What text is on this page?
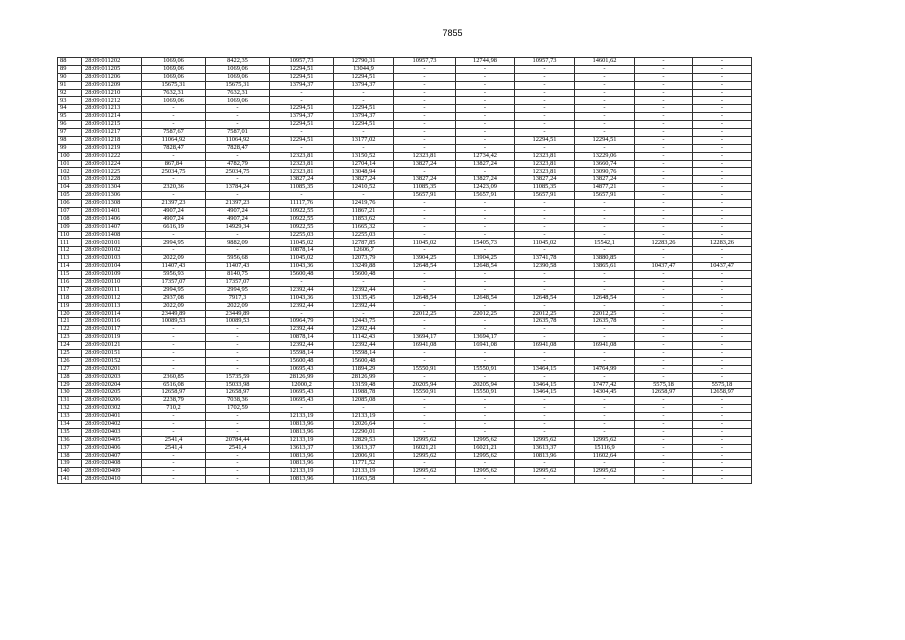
7855
88	28:09:011202	1069,06	8422,35	10957,73	12790,31	10957,73	12744,98	10957,73	14601,62	-	-
89	28:09:011205	1069,06	1069,06	12294,51	13044,9	-	-	-	-	-	-
90	28:09:011206	1069,06	1069,06	12294,51	12294,51	-	-	-	-	-	-
91	28:09:011209	15675,31	15675,31	13794,37	13794,37	-	-	-	-	-	-
92	28:09:011210	7632,31	7632,31	-	-	-	-	-	-	-	-
93	28:09:011212	1069,06	1069,06	-	-	-	-	-	-	-	-
94	28:09:011213	-	-	12294,51	12294,51	-	-	-	-	-	-
95	28:09:011214	-	-	13794,37	13794,37	-	-	-	-	-	-
96	28:09:011215	-	-	12294,51	12294,51	-	-	-	-	-	-
97	28:09:011217	7587,67	7587,01	-	-	-	-	-	-	-	-
98	28:09:011218	11064,92	11064,92	12294,51	13177,02	-	-	12294,51	12294,51	-	-
99	28:09:011219	7828,47	7828,47	-	-	-	-	-	-	-	-
100	28:09:011222	-	-	12323,81	13150,52	12323,81	12734,42	12323,81	13229,06	-	-
101	28:09:011224	867,84	4782,79	12323,81	12704,14	13827,24	13827,24	12323,81	13660,74	-	-
102	28:09:011225	25034,75	25034,75	12323,81	13048,94	-	-	12323,81	13090,76	-	-
103	28:09:011228	-	-	13827,24	13827,24	13827,24	13827,24	13827,24	13827,24	-	-
104	28:09:011304	2320,36	13784,24	11085,35	12410,52	11085,35	12423,09	11085,35	14877,21	-	-
105	28:09:011306	-	-	-	-	15657,91	15657,91	15657,91	15657,91	-	-
106	28:09:011308	21397,23	21397,23	11117,76	12419,76	-	-	-	-	-	-
107	28:09:011401	4907,24	4907,24	10922,55	11867,21	-	-	-	-	-	-
108	28:09:011406	4907,24	4907,24	10922,55	11853,62	-	-	-	-	-	-
109	28:09:011407	6616,19	14929,34	10922,55	11665,32	-	-	-	-	-	-
110	28:09:011408	-	-	12255,03	12255,03	-	-	-	-	-	-
111	28:09:020101	2994,95	9882,09	11045,02	12787,85	11045,02	15405,73	11045,02	15542,1	12283,26	12283,26
112	28:09:020102	-	-	10878,14	12606,7	-	-	-	-	-	-
113	28:09:020103	2022,09	5956,68	11045,02	12073,79	13904,25	13904,25	13741,78	13880,85	-	-
114	28:09:020104	11407,43	11407,43	11043,36	13249,88	12648,54	12648,54	12390,58	13865,61	10437,47	10437,47
115	28:09:020109	5956,93	8140,75	15600,48	15600,48	-	-	-	-	-	-
116	28:09:020110	17357,07	17357,07	-	-	-	-	-	-	-	-
117	28:09:020111	2994,95	2994,95	12392,44	12392,44	-	-	-	-	-	-
118	28:09:020112	2937,08	7917,3	11043,36	13135,45	12648,54	12648,54	12648,54	12648,54	-	-
119	28:09:020113	2022,09	2022,09	12392,44	12392,44	-	-	-	-	-	-
120	28:09:020114	23449,89	23449,89	-	-	22012,25	22012,25	22012,25	22012,25	-	-
121	28:09:020116	10089,53	10089,53	10964,79	12443,75	-	-	12635,78	12635,78	-	-
122	28:09:020117	-	-	12392,44	12392,44	-	-	-	-	-	-
123	28:09:020119	-	-	10878,14	11142,43	13694,17	13694,17	-	-	-	-
124	28:09:020121	-	-	12392,44	12392,44	16941,08	16941,08	16941,08	16941,08	-	-
125	28:09:020151	-	-	15598,14	15598,14	-	-	-	-	-	-
126	28:09:020152	-	-	15600,48	15600,48	-	-	-	-	-	-
127	28:09:020201	-	-	10695,43	11894,29	15550,91	15550,91	13464,15	14764,99	-	-
128	28:09:020203	2360,85	15735,59	28126,99	28126,99	-	-	-	-	-	-
129	28:09:020204	6516,08	15033,98	12000,2	13159,48	20205,94	20205,94	13464,15	17477,42	5575,18	5575,18
130	28:09:020205	12658,97	12658,97	10695,43	11988,78	15550,91	15550,91	13464,15	14304,45	12658,97	12658,97
131	28:09:020206	2238,79	7038,36	10695,43	12085,08	-	-	-	-	-	-
132	28:09:020302	710,2	1702,59	-	-	-	-	-	-	-	-
133	28:09:020401	-	-	12133,19	12133,19	-	-	-	-	-	-
134	28:09:020402	-	-	10813,96	12026,64	-	-	-	-	-	-
135	28:09:020403	-	-	10813,96	12290,01	-	-	-	-	-	-
136	28:09:020405	2541,4	20784,44	12133,19	12829,53	12995,62	12995,62	12995,62	12995,62	-	-
137	28:09:020406	2541,4	2541,4	13613,37	13613,37	16021,21	16021,21	13613,37	15116,9	-	-
138	28:09:020407	-	-	10813,96	12006,91	12995,62	12995,62	10813,96	11602,64	-	-
139	28:09:020408	-	-	10813,96	11771,52	-	-	-	-	-	-
140	28:09:020409	-	-	12133,19	12133,19	12995,62	12995,62	12995,62	12995,62	-	-
141	28:09:020410	-	-	10813,96	11663,58	-	-	-	-	-	-
